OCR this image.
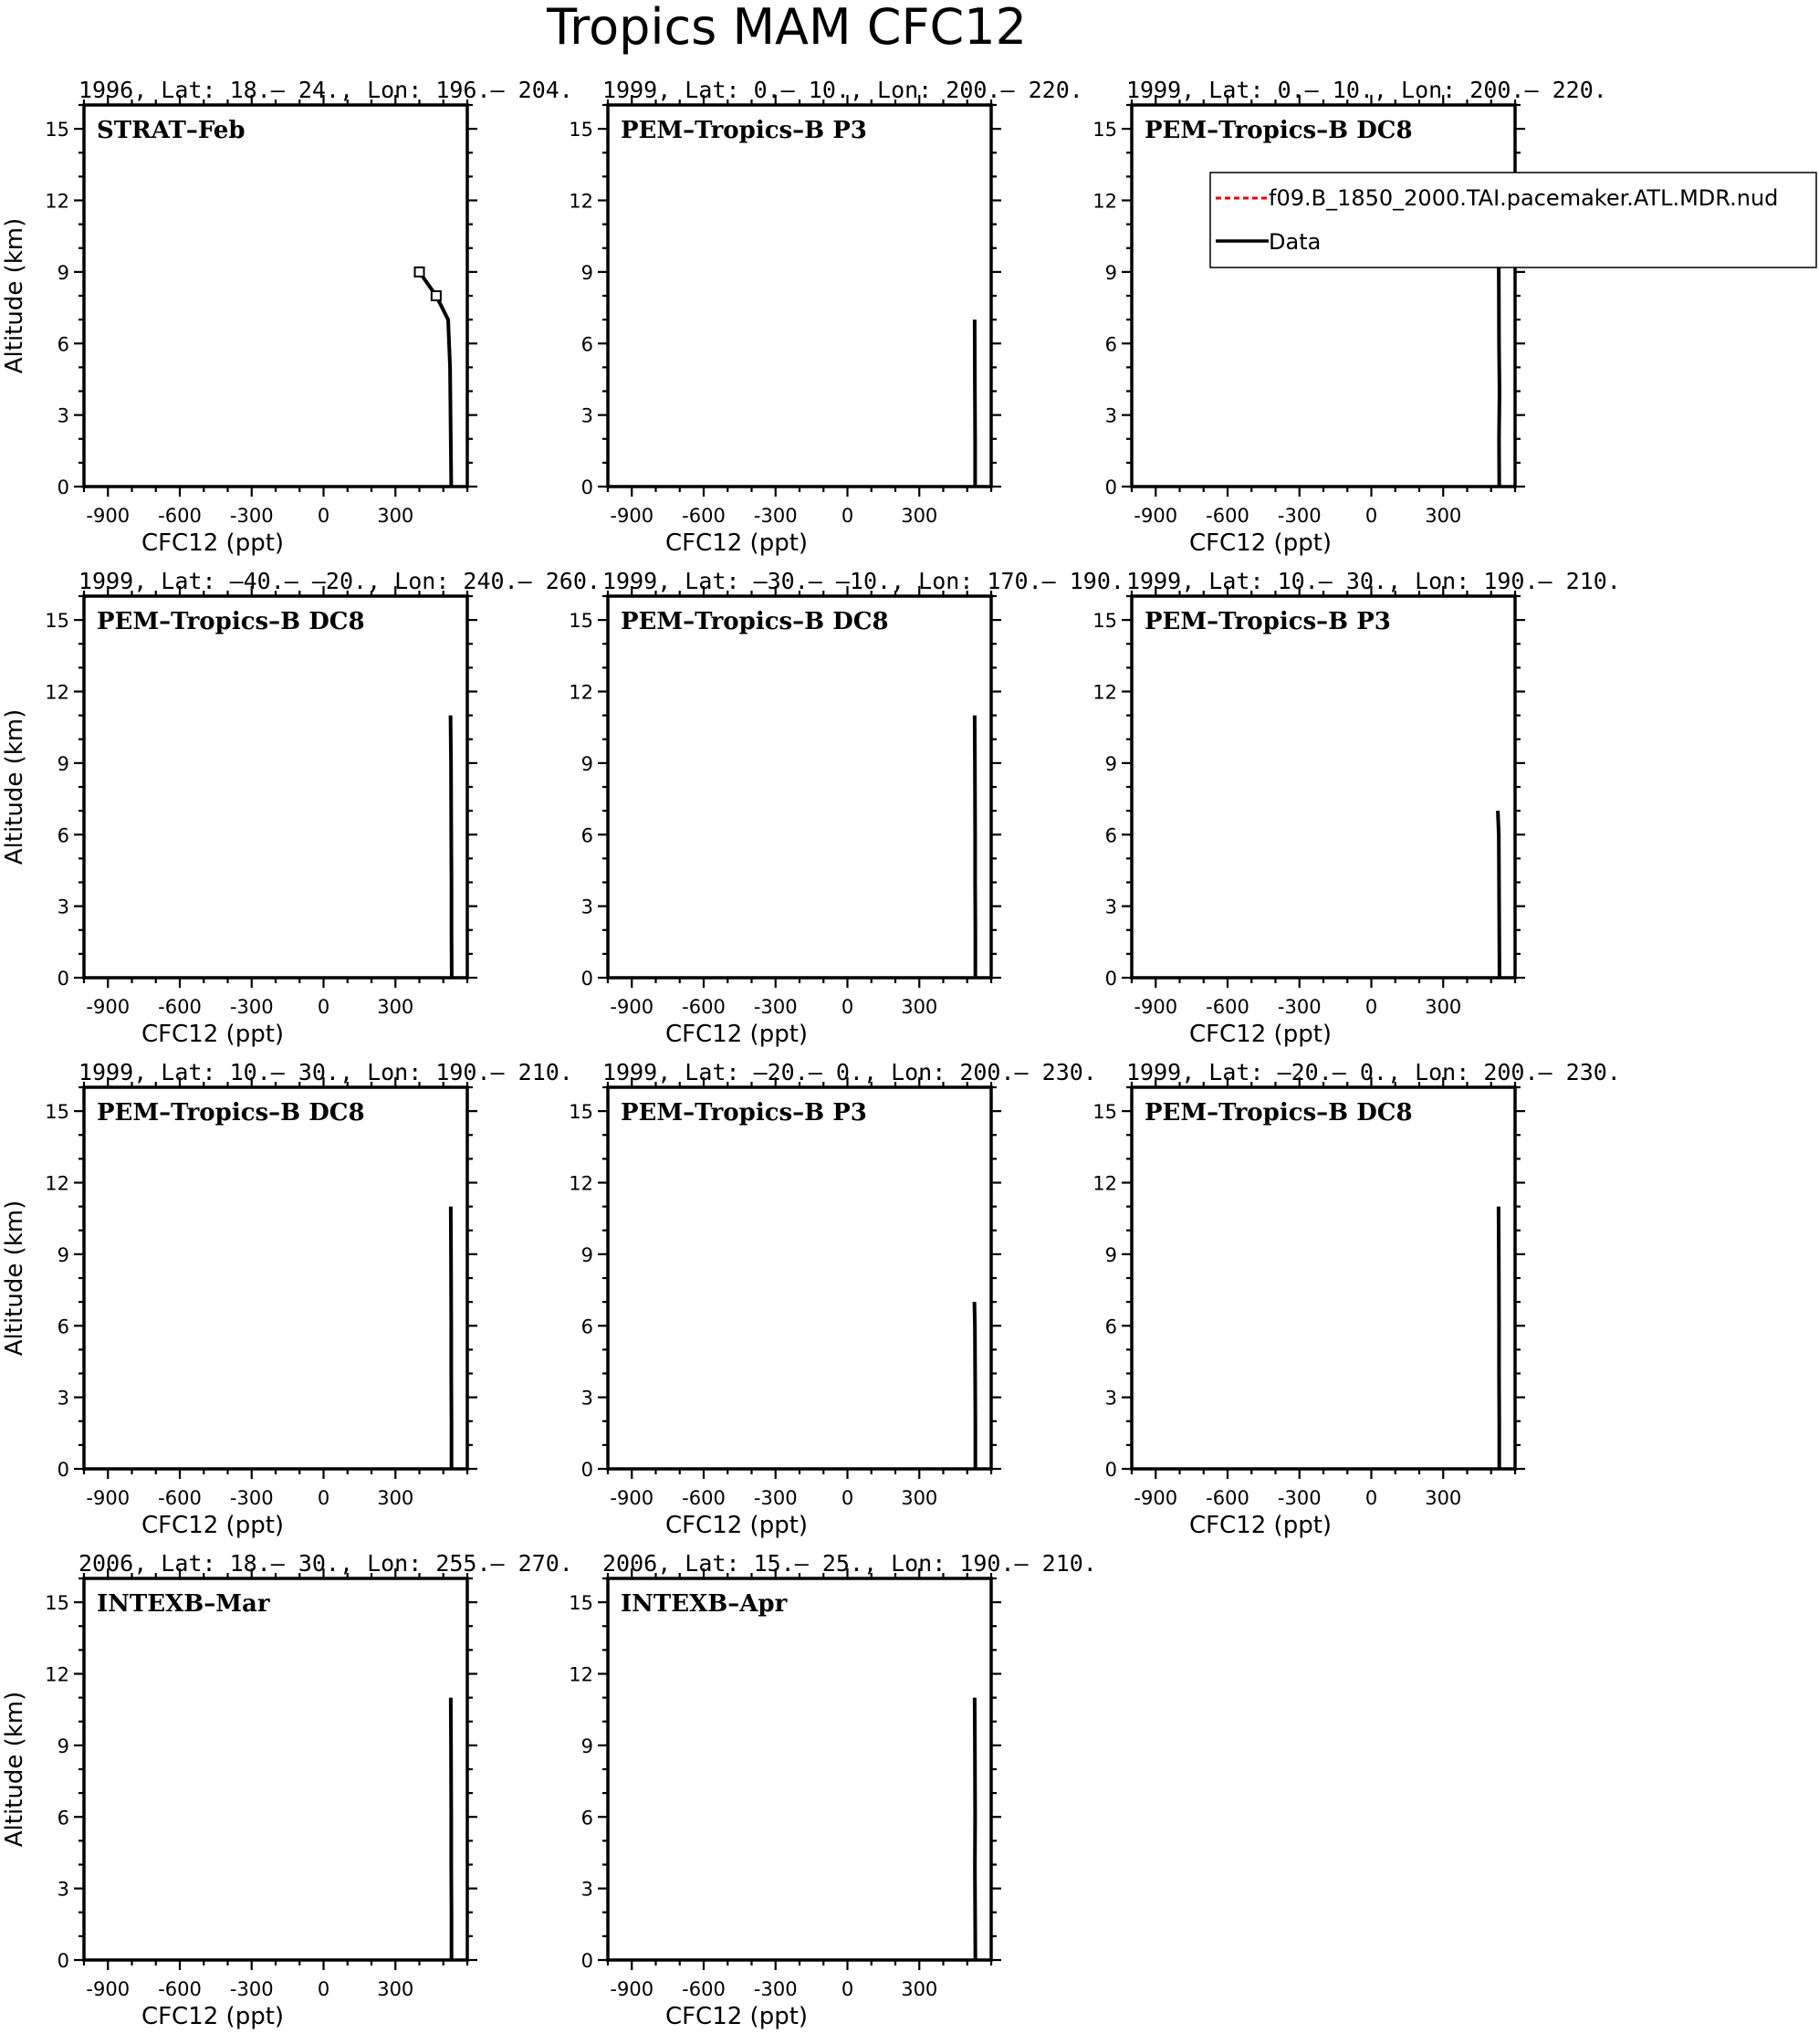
Tropics MAM CFC12
1996, Lat: 18.– 24., Lon: 196.– 204.
-900 -600 -300 0 300
0
3
6
9
12
15
CFC12 (ppt)
Altitude (km)
STRAT–Feb
1999, Lat: 0.– 10., Lon: 200.– 220.
-900 -600 -300 0 300
0
3
6
9
12
15
CFC12 (ppt)
PEM–Tropics–B P3
1999, Lat: 0.– 10., Lon: 200.– 220.
-900 -600 -300 0 300
0
3
6
9
12
15
CFC12 (ppt)
PEM–Tropics–B DC8
1999, Lat: –40.– –20., Lon: 240.– 260.
-900 -600 -300 0 300
0
3
6
9
12
15
CFC12 (ppt)
Altitude (km)
PEM–Tropics–B DC8
1999, Lat: –30.– –10., Lon: 170.– 190.
-900 -600 -300 0 300
0
3
6
9
12
15
CFC12 (ppt)
PEM–Tropics–B DC8
1999, Lat: 10.– 30., Lon: 190.– 210.
-900 -600 -300 0 300
0
3
6
9
12
15
CFC12 (ppt)
PEM–Tropics–B P3
1999, Lat: 10.– 30., Lon: 190.– 210.
-900 -600 -300 0 300
0
3
6
9
12
15
CFC12 (ppt)
Altitude (km)
PEM–Tropics–B DC8
1999, Lat: –20.– 0., Lon: 200.– 230.
-900 -600 -300 0 300
0
3
6
9
12
15
CFC12 (ppt)
PEM–Tropics–B P3
1999, Lat: –20.– 0., Lon: 200.– 230.
-900 -600 -300 0 300
0
3
6
9
12
15
CFC12 (ppt)
PEM–Tropics–B DC8
2006, Lat: 18.– 30., Lon: 255.– 270.
-900 -600 -300 0 300
0
3
6
9
12
15
CFC12 (ppt)
Altitude (km)
INTEXB–Mar
2006, Lat: 15.– 25., Lon: 190.– 210.
-900 -600 -300 0 300
0
3
6
9
12
15
CFC12 (ppt)
INTEXB–Apr
f09.B_1850_2000.TAI.pacemaker.ATL.MDR.nud
Data
